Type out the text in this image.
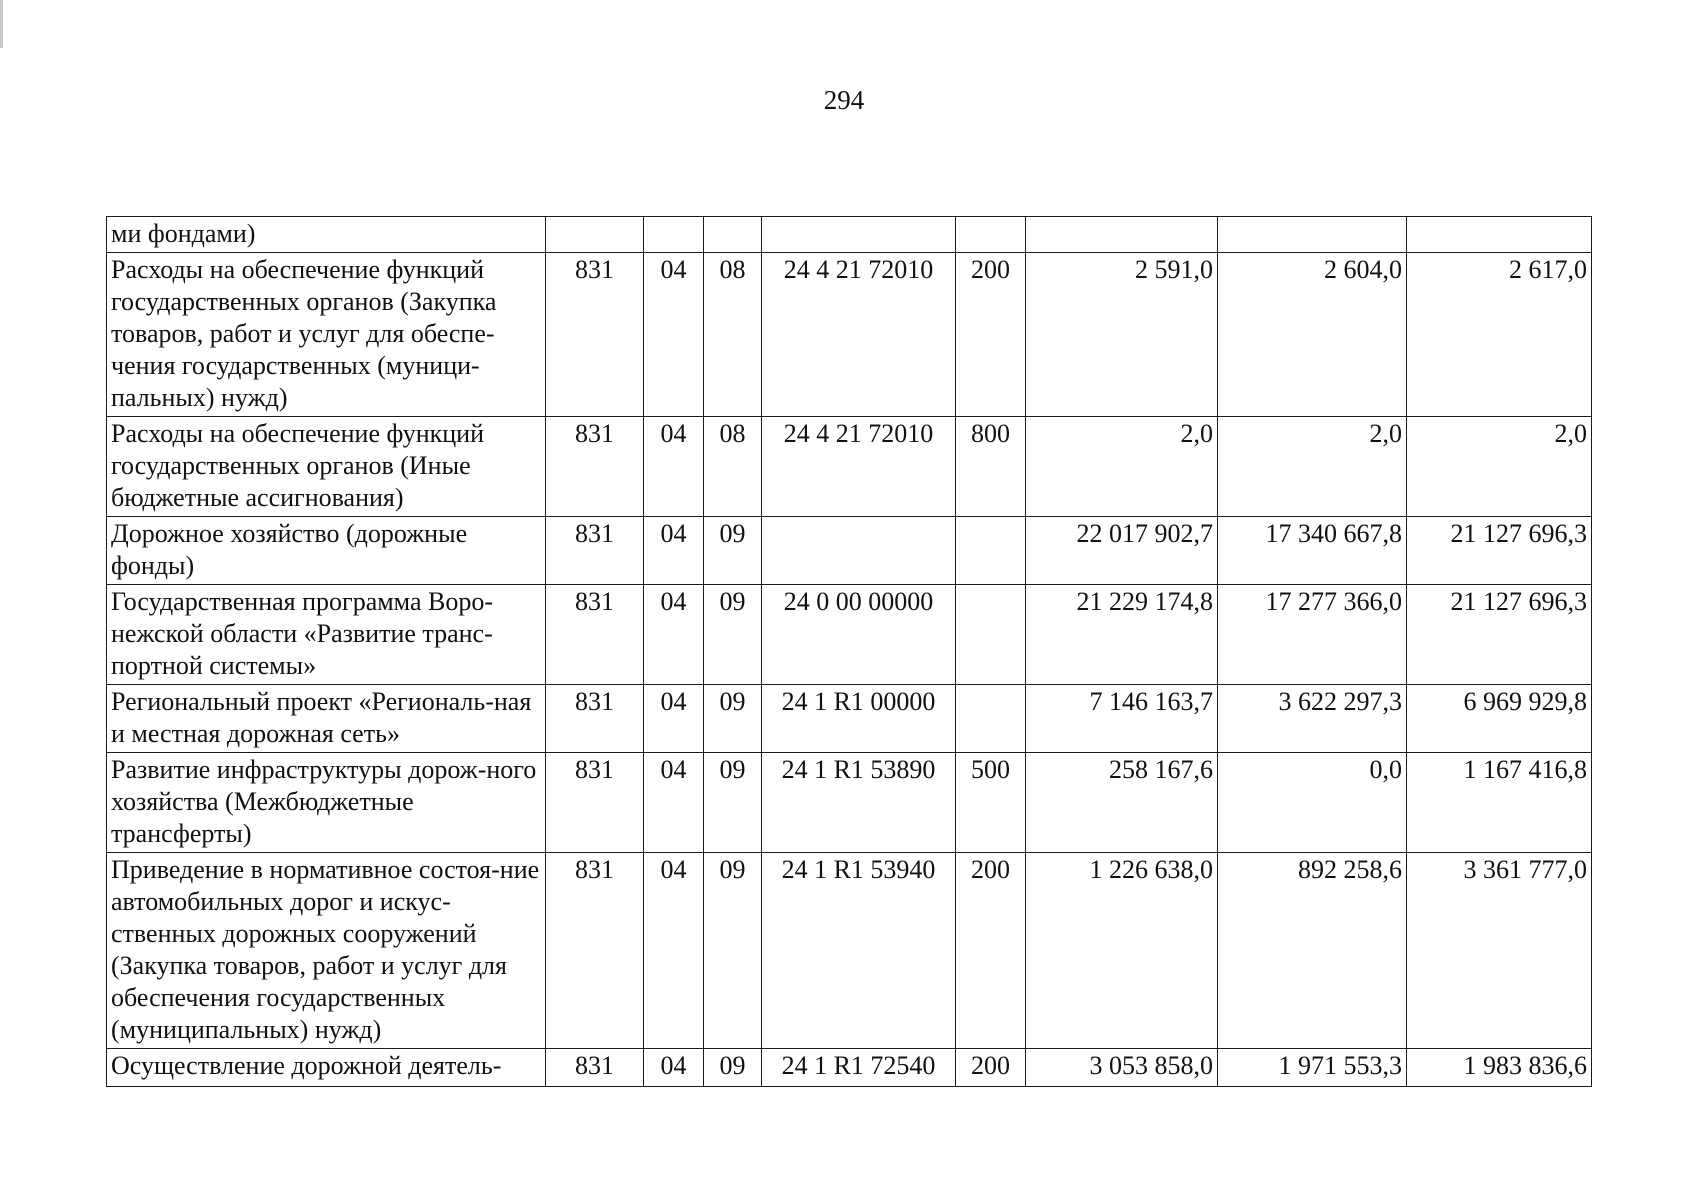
294
ми фондами)								
Расходы на обеспечение функций государственных органов (Закупка товаров, работ и услуг для обеспе-чения государственных (муници-пальных) нужд)	831	04	08	24 4 21 72010	200	2 591,0	2 604,0	2 617,0
Расходы на обеспечение функций государственных органов (Иные бюджетные ассигнования)	831	04	08	24 4 21 72010	800	2,0	2,0	2,0
Дорожное хозяйство (дорожные фонды)	831	04	09			22 017 902,7	17 340 667,8	21 127 696,3
Государственная программа Воро-нежской области «Развитие транс-портной системы»	831	04	09	24 0 00 00000		21 229 174,8	17 277 366,0	21 127 696,3
Региональный проект «Региональ-ная и местная дорожная сеть»	831	04	09	24 1 R1 00000		7 146 163,7	3 622 297,3	6 969 929,8
Развитие инфраструктуры дорож-ного хозяйства (Межбюджетные трансферты)	831	04	09	24 1 R1 53890	500	258 167,6	0,0	1 167 416,8
Приведение в нормативное состоя-ние автомобильных дорог и искус-ственных дорожных сооружений (Закупка товаров, работ и услуг для обеспечения государственных (муниципальных) нужд)	831	04	09	24 1 R1 53940	200	1 226 638,0	892 258,6	3 361 777,0
Осуществление дорожной деятель-	831	04	09	24 1 R1 72540	200	3 053 858,0	1 971 553,3	1 983 836,6
